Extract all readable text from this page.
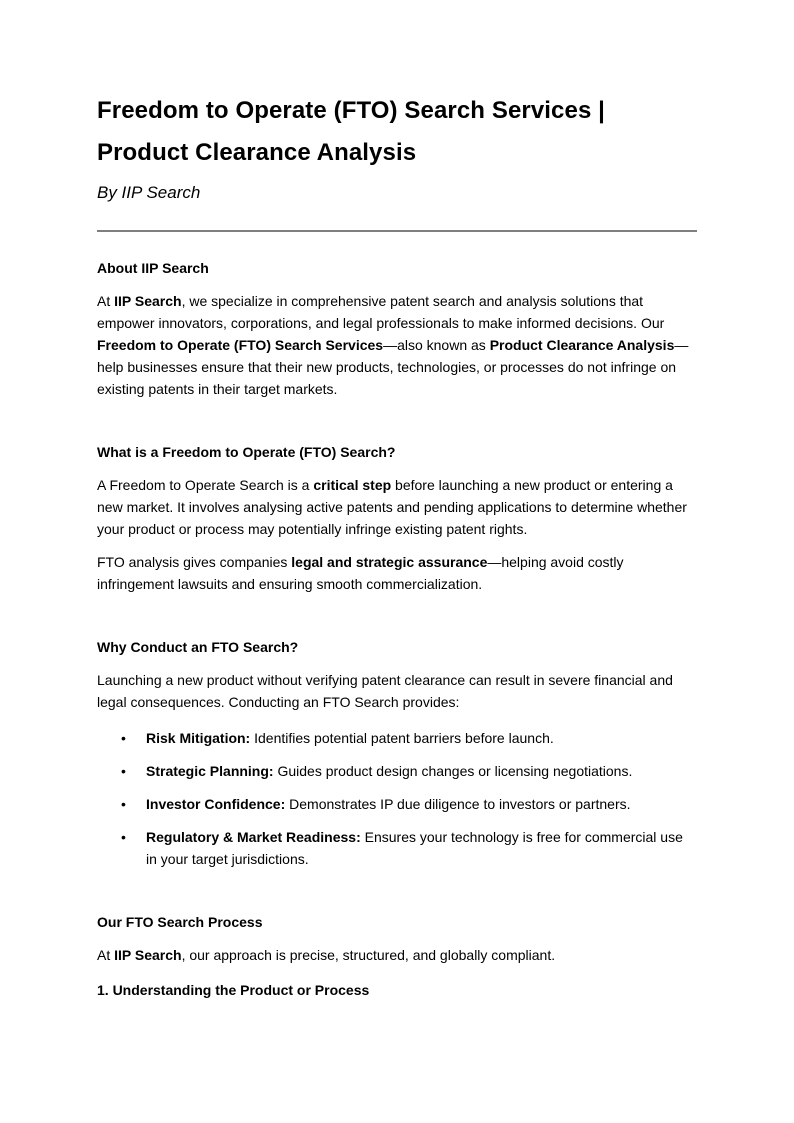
Freedom to Operate (FTO) Search Services | Product Clearance Analysis
By IIP Search
About IIP Search

At IIP Search, we specialize in comprehensive patent search and analysis solutions that empower innovators, corporations, and legal professionals to make informed decisions. Our Freedom to Operate (FTO) Search Services—also known as Product Clearance Analysis—help businesses ensure that their new products, technologies, or processes do not infringe on existing patents in their target markets.

What is a Freedom to Operate (FTO) Search?

A Freedom to Operate Search is a critical step before launching a new product or entering a new market. It involves analysing active patents and pending applications to determine whether your product or process may potentially infringe existing patent rights.

FTO analysis gives companies legal and strategic assurance—helping avoid costly infringement lawsuits and ensuring smooth commercialization.

Why Conduct an FTO Search?

Launching a new product without verifying patent clearance can result in severe financial and legal consequences. Conducting an FTO Search provides:

• Risk Mitigation: Identifies potential patent barriers before launch.
• Strategic Planning: Guides product design changes or licensing negotiations.
• Investor Confidence: Demonstrates IP due diligence to investors or partners.
• Regulatory & Market Readiness: Ensures your technology is free for commercial use in your target jurisdictions.
Our FTO Search Process

At IIP Search, our approach is precise, structured, and globally compliant.

1. Understanding the Product or Process
